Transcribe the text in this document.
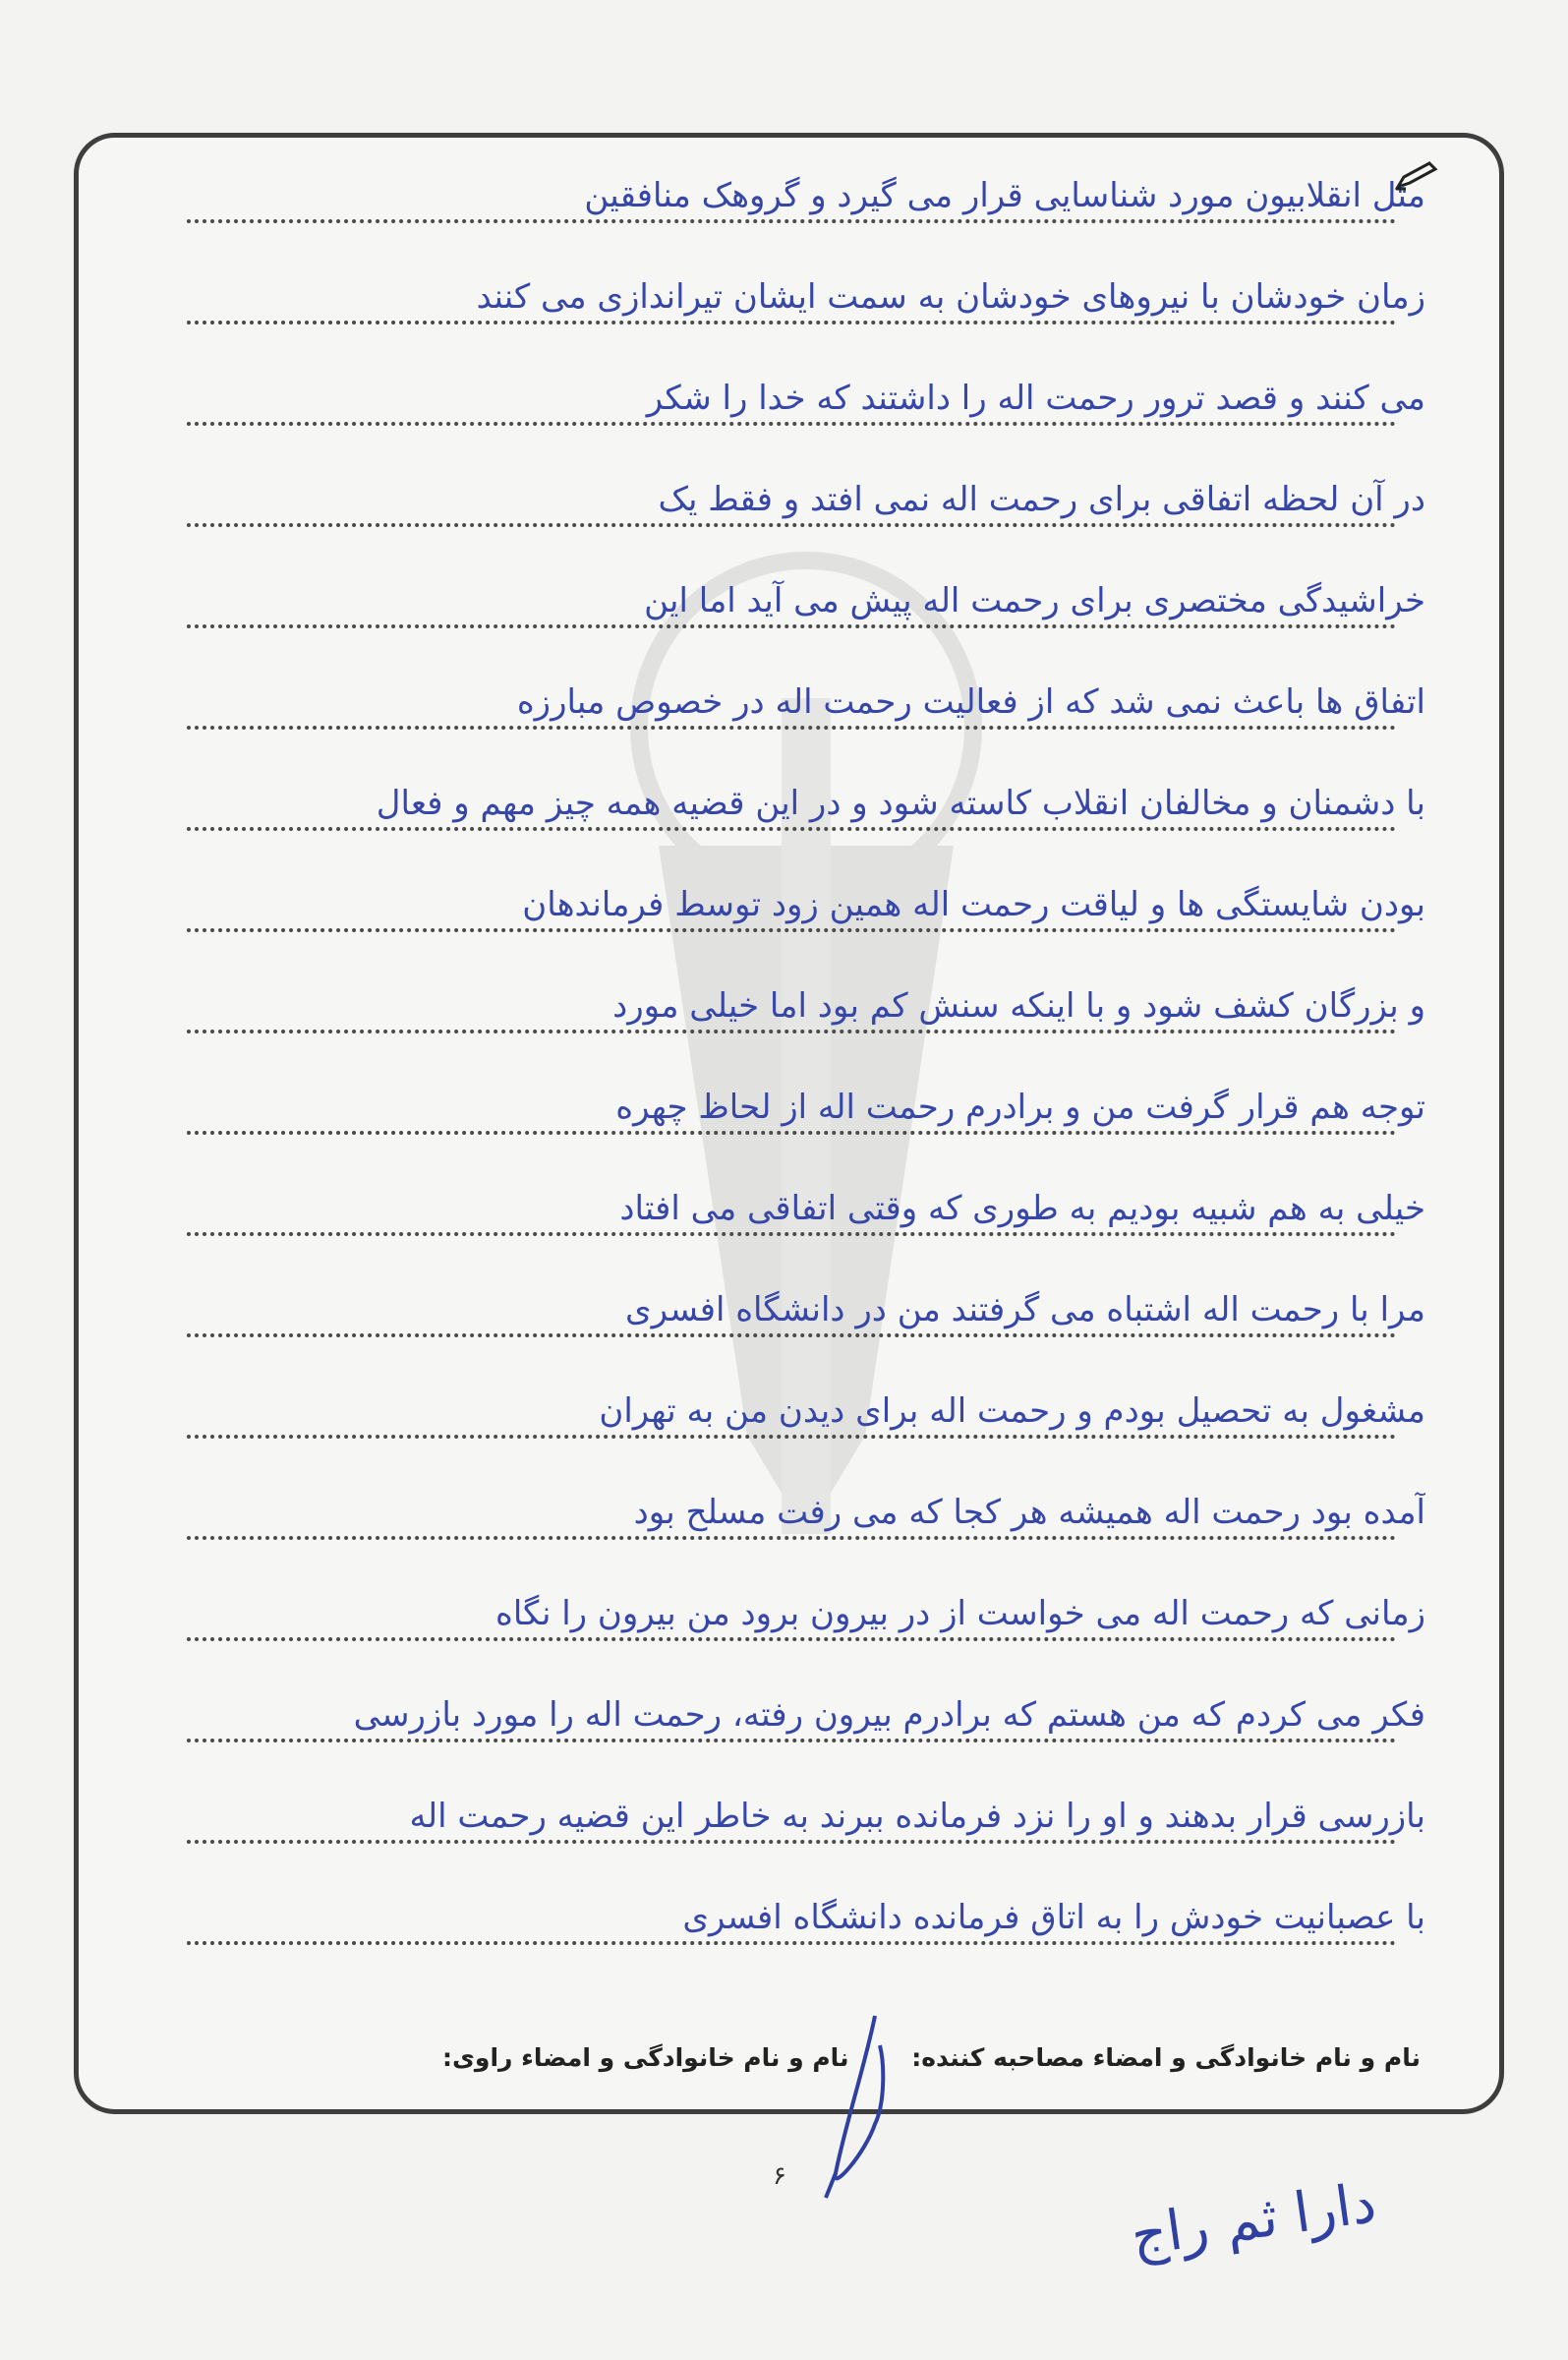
مثل انقلابیون مورد شناسایی قرار می گیرد و گروهک منافقین
زمان خودشان با نیروهای خودشان به سمت ایشان تیراندازی می کنند
می کنند و قصد ترور رحمت اله را داشتند که خدا را شکر
در آن لحظه اتفاقی برای رحمت اله نمی افتد و فقط یک
خراشیدگی مختصری برای رحمت اله پیش می آید اما این
اتفاق ها باعث نمی شد که از فعالیت رحمت اله در خصوص مبارزه
با دشمنان و مخالفان انقلاب کاسته شود و در این قضیه همه چیز مهم و فعال
بودن شایستگی ها و لیاقت رحمت اله همین زود توسط فرماندهان
و بزرگان کشف شود و با اینکه سنش کم بود اما خیلی مورد
توجه هم قرار گرفت من و برادرم رحمت اله از لحاظ چهره
خیلی به هم شبیه بودیم به طوری که وقتی اتفاقی می افتاد
مرا با رحمت اله اشتباه می گرفتند من در دانشگاه افسری
مشغول به تحصیل بودم و رحمت اله برای دیدن من به تهران
آمده بود رحمت اله همیشه هر کجا که می رفت مسلح بود
زمانی که رحمت اله می خواست از در بیرون برود من بیرون را نگاه
فکر می کردم که من هستم که برادرم بیرون رفته، رحمت اله را مورد بازرسی
بازرسی قرار بدهند و او را نزد فرمانده ببرند به خاطر این قضیه رحمت اله
با عصبانیت خودش را به اتاق فرمانده دانشگاه افسری
نام و نام خانوادگی و امضاء مصاحبه کننده:
نام و نام خانوادگی و امضاء راوی:
۶	دارا ثم راج
